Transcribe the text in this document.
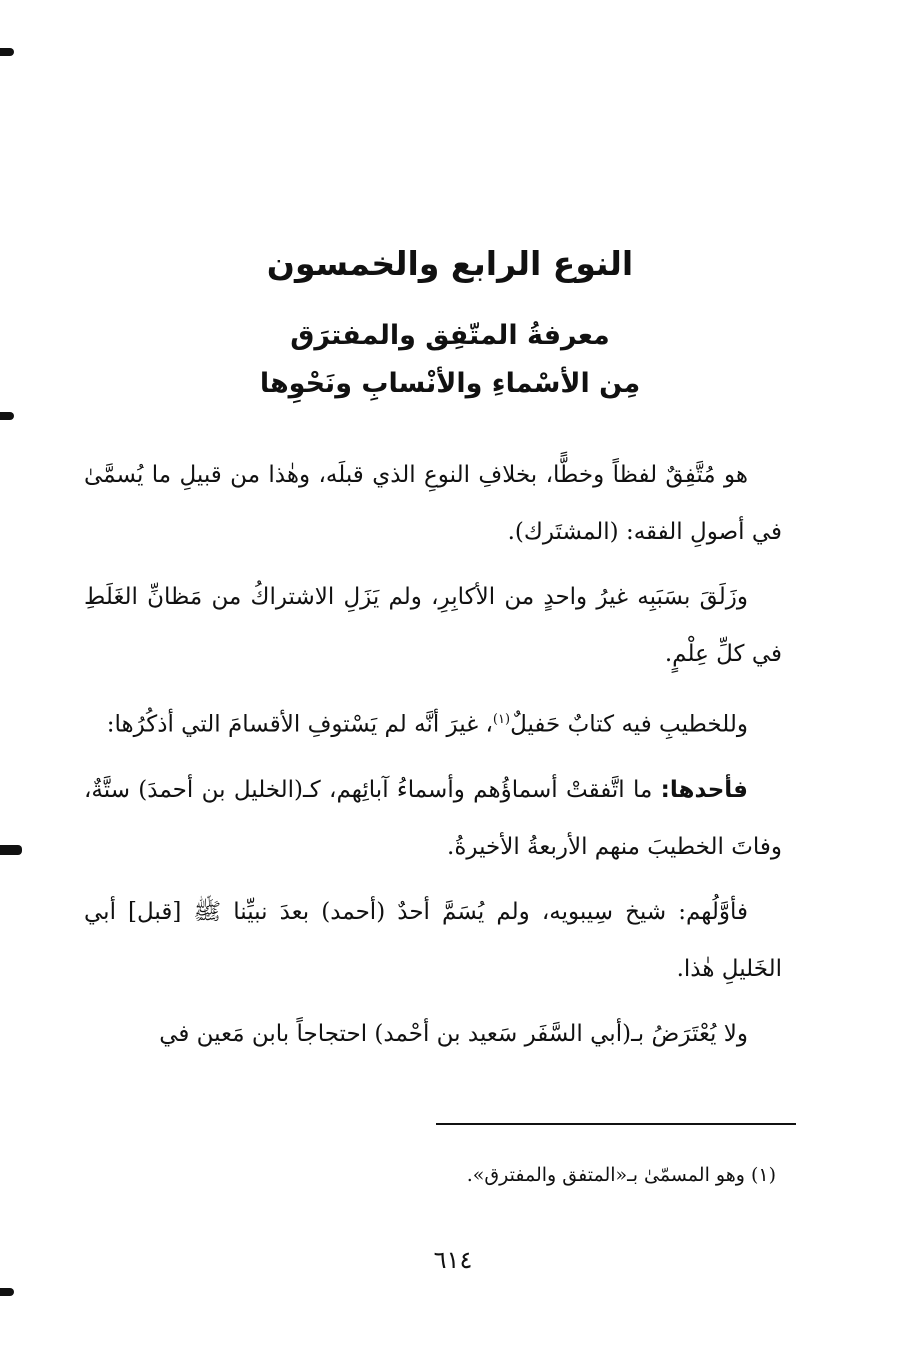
النوع الرابع والخمسون
معرفةُ المتّفِق والمفترَق
مِن الأسْماءِ والأنْسابِ ونَحْوِها

هو مُتَّفِقٌ لفظاً وخطًّا، بخلافِ النوعِ الذي قبلَه، وهٰذا من قبيلِ ما يُسمَّىٰ في أصولِ الفقه: (المشتَرك).

وزَلَقَ بسَبَبِه غيرُ واحدٍ من الأكابِرِ، ولم يَزَلِ الاشتراكُ من مَظانِّ الغَلَطِ في كلِّ عِلْمٍ.

وللخطيبِ فيه كتابٌ حَفيلٌ$^{(١)}$، غيرَ أنَّه لم يَسْتوفِ الأقسامَ التي أذكُرُها:

فأحدها: ما اتَّفقتْ أسماؤُهم وأسماءُ آبائِهم، كـ(الخليل بن أحمدَ) ستَّةٌ، وفاتَ الخطيبَ منهم الأربعةُ الأخيرةُ.

فأوَّلُهم: شيخ سِيبويه، ولم يُسَمَّ أحدٌ (أحمد) بعدَ نبيِّنا ﷺ [قبل] أبي الخَليلِ هٰذا.

ولا يُعْتَرَضُ بـ(أبي السَّفَر سَعيد بن أحْمد) احتجاجاً بابن مَعين في

(١) وهو المسمّىٰ بـ«المتفق والمفترق».
٦١٤
